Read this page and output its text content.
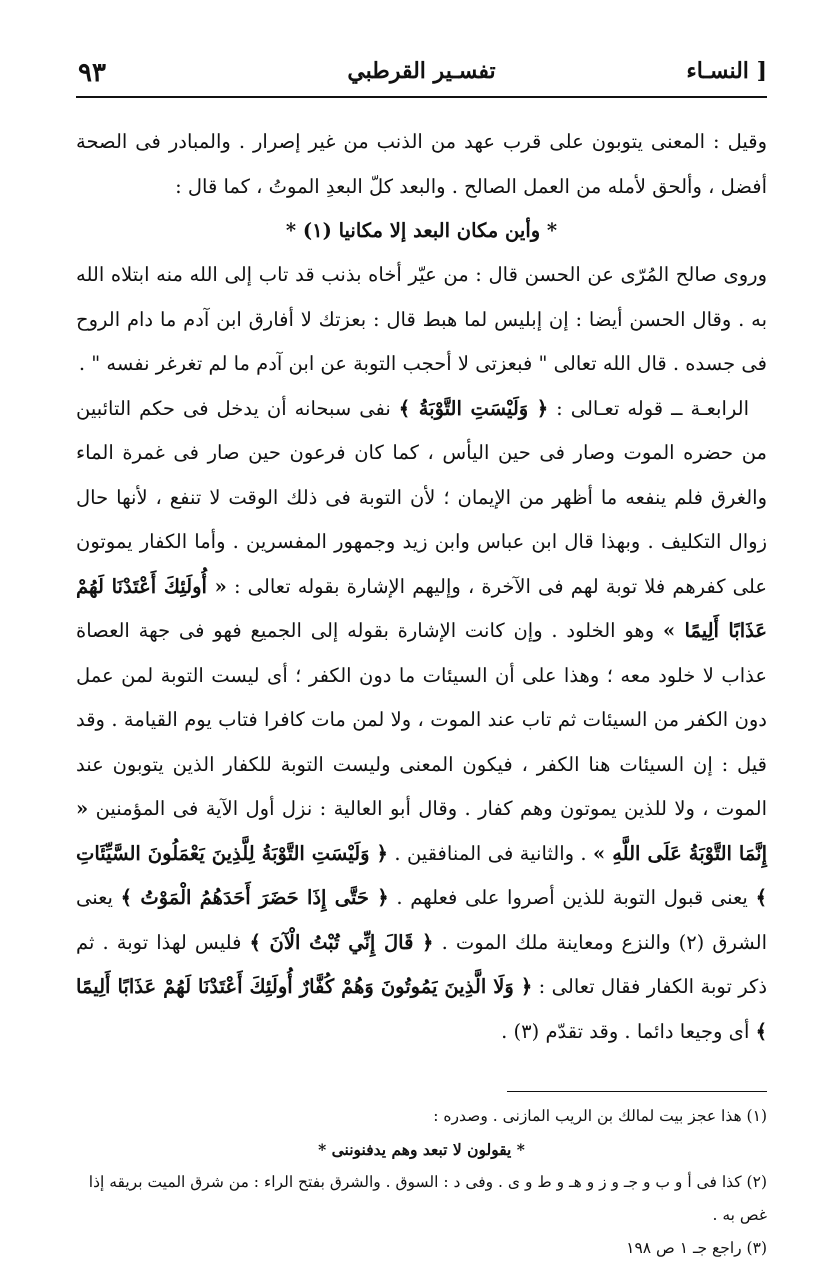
٩٣	تفسـير القرطبي	النسـاء ]

وقيل : المعنى يتوبون على قرب عهد من الذنب من غير إصرار . والمبادر فى الصحة أفضل ، وألحق لأمله من العمل الصالح . والبعد كلّ البعدِ الموتُ ، كما قال :

* وأين مكان البعد إلا مكانيا (١) *

وروى صالح المُرّى عن الحسن قال : من عيّر أخاه بذنب قد تاب إلى الله منه ابتلاه الله به . وقال الحسن أيضا : إن إبليس لما هبط قال : بعزتك لا أفارق ابن آدم ما دام الروح فى جسده . قال الله تعالى " فبعزتى لا أحجب التوبة عن ابن آدم ما لم تغرغر نفسه " .

الرابعـة ــ قوله تعـالى : ﴿ وَلَيْسَتِ التَّوْبَةُ ﴾ نفى سبحانه أن يدخل فى حكم التائبين من حضره الموت وصار فى حين اليأس ، كما كان فرعون حين صار فى غمرة الماء والغرق فلم ينفعه ما أظهر من الإيمان ؛ لأن التوبة فى ذلك الوقت لا تنفع ، لأنها حال زوال التكليف . وبهذا قال ابن عباس وابن زيد وجمهور المفسرين . وأما الكفار يموتون على كفرهم فلا توبة لهم فى الآخرة ، وإليهم الإشارة بقوله تعالى : « أُولَئِكَ أَعْتَدْنَا لَهُمْ عَذَابًا أَلِيمًا » وهو الخلود . وإن كانت الإشارة بقوله إلى الجميع فهو فى جهة العصاة عذاب لا خلود معه ؛ وهذا على أن السيئات ما دون الكفر ؛ أى ليست التوبة لمن عمل دون الكفر من السيئات ثم تاب عند الموت ، ولا لمن مات كافرا فتاب يوم القيامة . وقد قيل : إن السيئات هنا الكفر ، فيكون المعنى وليست التوبة للكفار الذين يتوبون عند الموت ، ولا للذين يموتون وهم كفار . وقال أبو العالية : نزل أول الآية فى المؤمنين « إِنَّمَا التَّوْبَةُ عَلَى اللَّهِ » . والثانية فى المنافقين . ﴿ وَلَيْسَتِ التَّوْبَةُ لِلَّذِينَ يَعْمَلُونَ السَّيِّئَاتِ ﴾ يعنى قبول التوبة للذين أصروا على فعلهم . ﴿ حَتَّى إِذَا حَضَرَ أَحَدَهُمُ الْمَوْتُ ﴾ يعنى الشرق (٢) والنزع ومعاينة ملك الموت . ﴿ قَالَ إِنِّي تُبْتُ الْآنَ ﴾ فليس لهذا توبة . ثم ذكر توبة الكفار فقال تعالى : ﴿ وَلَا الَّذِينَ يَمُوتُونَ وَهُمْ كُفَّارٌ أُولَئِكَ أَعْتَدْنَا لَهُمْ عَذَابًا أَلِيمًا ﴾ أى وجيعا دائما . وقد تقدّم (٣) .

(١) هذا عجز بيت لمالك بن الريب المازنى . وصدره :

* يقولون لا تبعد وهم يدفنوننى *

(٢) كذا فى أ و ب و جـ و ز و هـ و ط و ى . وفى د : السوق . والشرق بفتح الراء : من شرق الميت بريقه إذا غص به .

(٣) راجع جـ ١ ص ١٩٨
